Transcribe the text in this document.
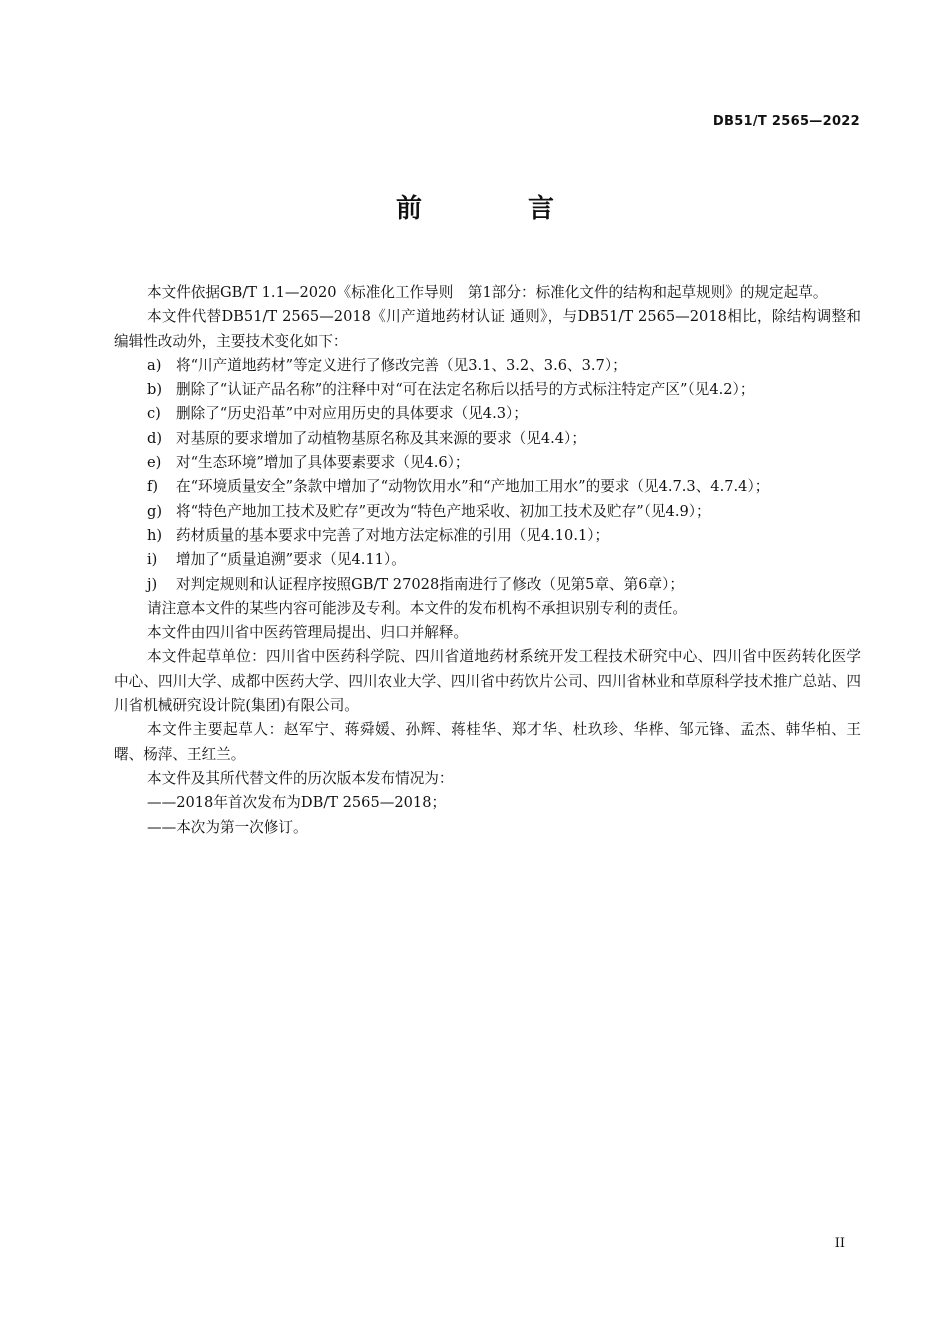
DB51/T 2565—2022
前　言

本文件依据GB/T 1.1—2020《标准化工作导则　第1部分：标准化文件的结构和起草规则》的规定起草。

本文件代替DB51/T 2565—2018《川产道地药材认证 通则》，与DB51/T 2565—2018相比，除结构调整和编辑性改动外，主要技术变化如下：

a) 将“川产道地药材”等定义进行了修改完善（见3.1、3.2、3.6、3.7）；

b) 删除了“认证产品名称”的注释中对“可在法定名称后以括号的方式标注特定产区”（见4.2）；

c) 删除了“历史沿革”中对应用历史的具体要求（见4.3）；

d) 对基原的要求增加了动植物基原名称及其来源的要求（见4.4）；

e) 对“生态环境”增加了具体要素要求（见4.6）；

f) 在“环境质量安全”条款中增加了“动物饮用水”和“产地加工用水”的要求（见4.7.3、4.7.4）；

g) 将“特色产地加工技术及贮存”更改为“特色产地采收、初加工技术及贮存”（见4.9）；

h) 药材质量的基本要求中完善了对地方法定标准的引用（见4.10.1）；

i) 增加了“质量追溯”要求（见4.11）。

j) 对判定规则和认证程序按照GB/T 27028指南进行了修改（见第5章、第6章）；

请注意本文件的某些内容可能涉及专利。本文件的发布机构不承担识别专利的责任。

本文件由四川省中医药管理局提出、归口并解释。

本文件起草单位：四川省中医药科学院、四川省道地药材系统开发工程技术研究中心、四川省中医药转化医学中心、四川大学、成都中医药大学、四川农业大学、四川省中药饮片公司、四川省林业和草原科学技术推广总站、四川省机械研究设计院(集团)有限公司。

本文件主要起草人：赵军宁、蒋舜媛、孙辉、蒋桂华、郑才华、杜玖珍、华桦、邹元锋、孟杰、韩华柏、王曙、杨萍、王红兰。

本文件及其所代替文件的历次版本发布情况为：

——2018年首次发布为DB/T 2565—2018；

——本次为第一次修订。

II
